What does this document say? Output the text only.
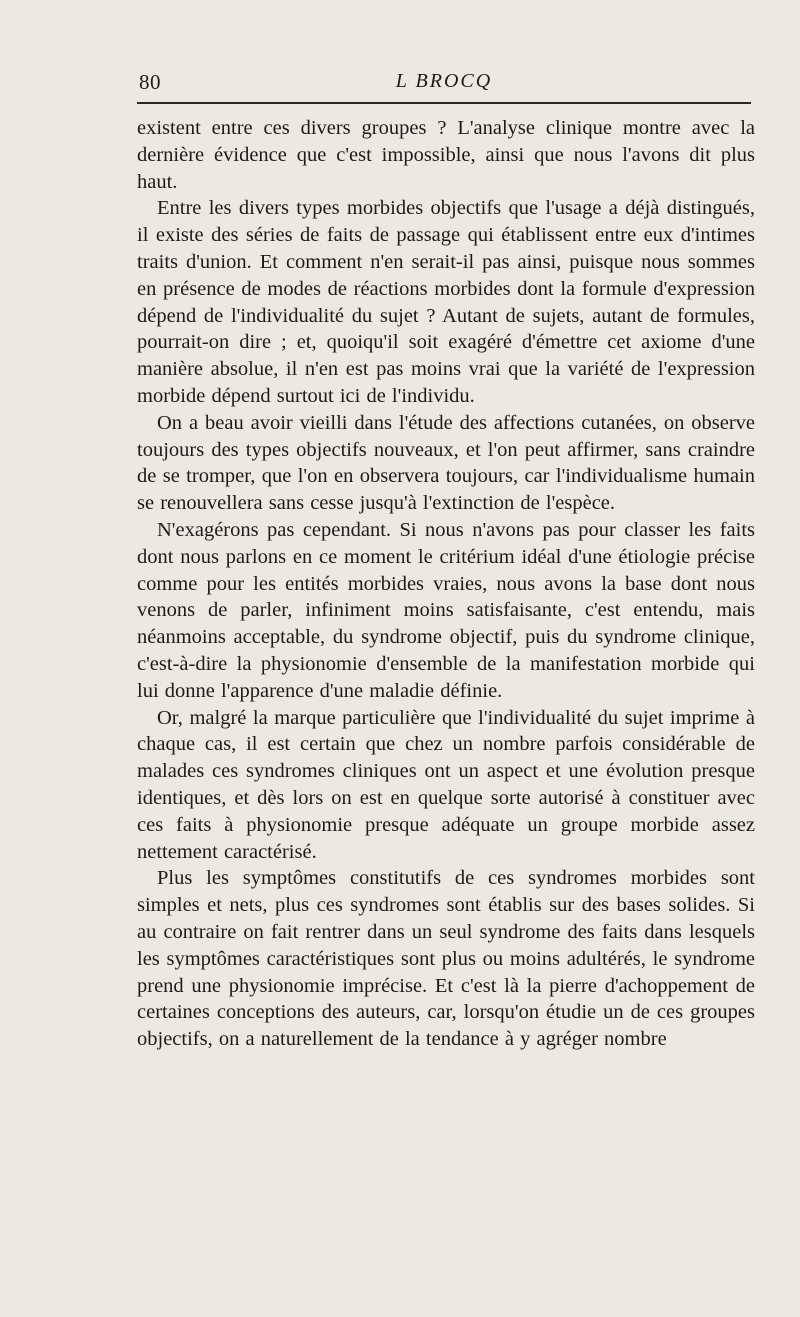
80	L BROCQ

existent entre ces divers groupes ? L'analyse clinique montre avec la dernière évidence que c'est impossible, ainsi que nous l'avons dit plus haut.

Entre les divers types morbides objectifs que l'usage a déjà distingués, il existe des séries de faits de passage qui établissent entre eux d'intimes traits d'union. Et comment n'en serait-il pas ainsi, puisque nous sommes en présence de modes de réactions morbides dont la formule d'expression dépend de l'individualité du sujet ? Autant de sujets, autant de formules, pourrait-on dire ; et, quoiqu'il soit exagéré d'émettre cet axiome d'une manière absolue, il n'en est pas moins vrai que la variété de l'expression morbide dépend surtout ici de l'individu.

On a beau avoir vieilli dans l'étude des affections cutanées, on observe toujours des types objectifs nouveaux, et l'on peut affirmer, sans craindre de se tromper, que l'on en observera toujours, car l'individualisme humain se renouvellera sans cesse jusqu'à l'extinction de l'espèce.

N'exagérons pas cependant. Si nous n'avons pas pour classer les faits dont nous parlons en ce moment le critérium idéal d'une étiologie précise comme pour les entités morbides vraies, nous avons la base dont nous venons de parler, infiniment moins satisfaisante, c'est entendu, mais néanmoins acceptable, du syndrome objectif, puis du syndrome clinique, c'est-à-dire la physionomie d'ensemble de la manifestation morbide qui lui donne l'apparence d'une maladie définie.

Or, malgré la marque particulière que l'individualité du sujet imprime à chaque cas, il est certain que chez un nombre parfois considérable de malades ces syndromes cliniques ont un aspect et une évolution presque identiques, et dès lors on est en quelque sorte autorisé à constituer avec ces faits à physionomie presque adéquate un groupe morbide assez nettement caractérisé.

Plus les symptômes constitutifs de ces syndromes morbides sont simples et nets, plus ces syndromes sont établis sur des bases solides. Si au contraire on fait rentrer dans un seul syndrome des faits dans lesquels les symptômes caractéristiques sont plus ou moins adultérés, le syndrome prend une physionomie imprécise. Et c'est là la pierre d'achoppement de certaines conceptions des auteurs, car, lorsqu'on étudie un de ces groupes objectifs, on a naturellement de la tendance à y agréger nombre
